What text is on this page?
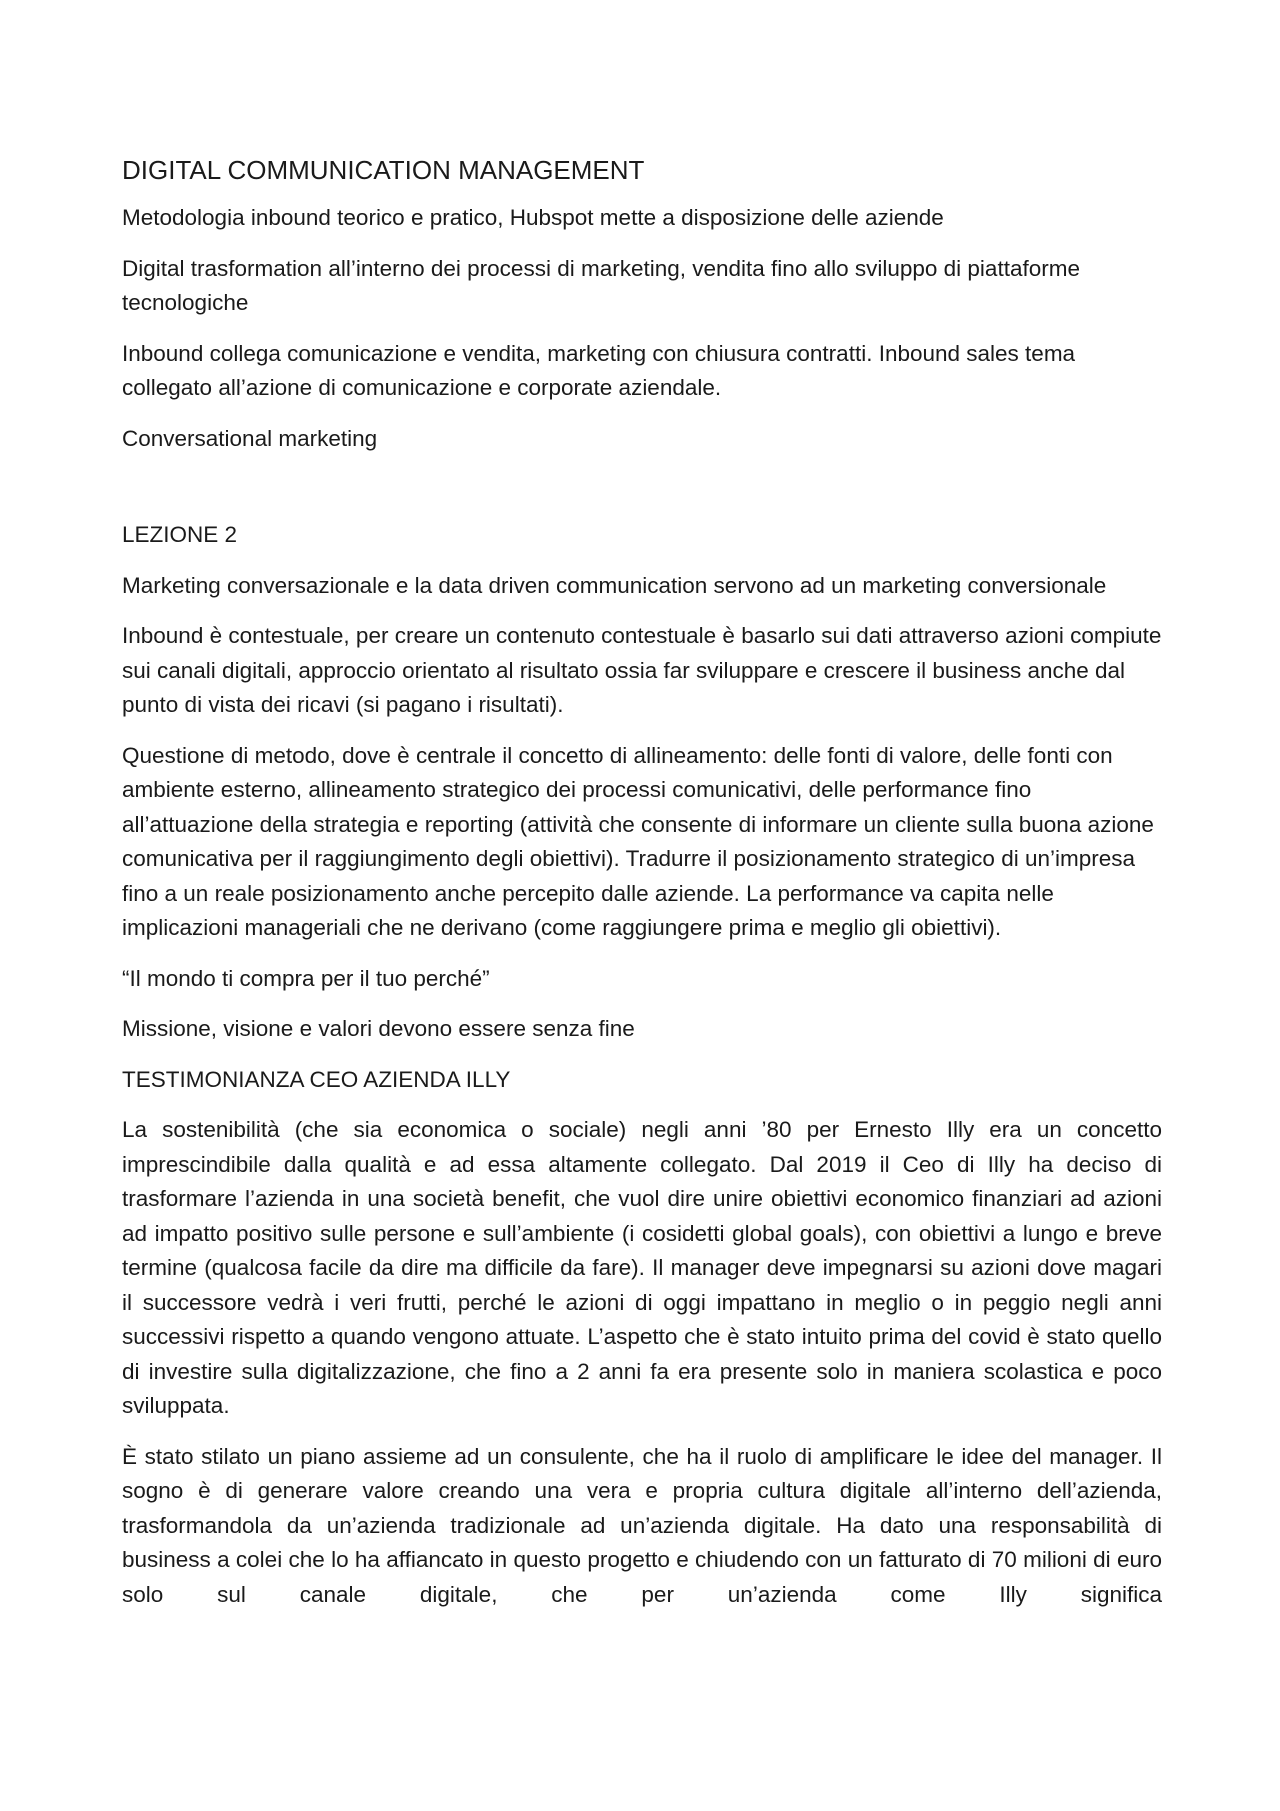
DIGITAL COMMUNICATION MANAGEMENT

Metodologia inbound teorico e pratico, Hubspot mette a disposizione delle aziende

Digital trasformation all’interno dei processi di marketing, vendita fino allo sviluppo di piattaforme tecnologiche

Inbound collega comunicazione e vendita, marketing con chiusura contratti. Inbound sales tema collegato all’azione di comunicazione e corporate aziendale.

Conversational marketing

LEZIONE 2

Marketing conversazionale e la data driven communication servono ad un marketing conversionale

Inbound è contestuale, per creare un contenuto contestuale è basarlo sui dati attraverso azioni compiute sui canali digitali, approccio orientato al risultato ossia far sviluppare e crescere il business anche dal punto di vista dei ricavi (si pagano i risultati).

Questione di metodo, dove è centrale il concetto di allineamento: delle fonti di valore, delle fonti con ambiente esterno, allineamento strategico dei processi comunicativi, delle performance fino all’attuazione della strategia e reporting (attività che consente di informare un cliente sulla buona azione comunicativa per il raggiungimento degli obiettivi). Tradurre il posizionamento strategico di un’impresa fino a un reale posizionamento anche percepito dalle aziende. La performance va capita nelle implicazioni manageriali che ne derivano (come raggiungere prima e meglio gli obiettivi).

“Il mondo ti compra per il tuo perché”

Missione, visione e valori devono essere senza fine

TESTIMONIANZA CEO AZIENDA ILLY

La sostenibilità (che sia economica o sociale) negli anni ’80 per Ernesto Illy era un concetto imprescindibile dalla qualità e ad essa altamente collegato. Dal 2019 il Ceo di Illy ha deciso di trasformare l’azienda in una società benefit, che vuol dire unire obiettivi economico finanziari ad azioni ad impatto positivo sulle persone e sull’ambiente (i cosidetti global goals), con obiettivi a lungo e breve termine (qualcosa facile da dire ma difficile da fare). Il manager deve impegnarsi su azioni dove magari il successore vedrà i veri frutti, perché le azioni di oggi impattano in meglio o in peggio negli anni successivi rispetto a quando vengono attuate. L’aspetto che è stato intuito prima del covid è stato quello di investire sulla digitalizzazione, che fino a 2 anni fa era presente solo in maniera scolastica e poco sviluppata.

È stato stilato un piano assieme ad un consulente, che ha il ruolo di amplificare le idee del manager. Il sogno è di generare valore creando una vera e propria cultura digitale all’interno dell’azienda, trasformandola da un’azienda tradizionale ad un’azienda digitale. Ha dato una responsabilità di business a colei che lo ha affiancato in questo progetto e chiudendo con un fatturato di 70 milioni di euro solo sul canale digitale, che per un’azienda come Illy significa
